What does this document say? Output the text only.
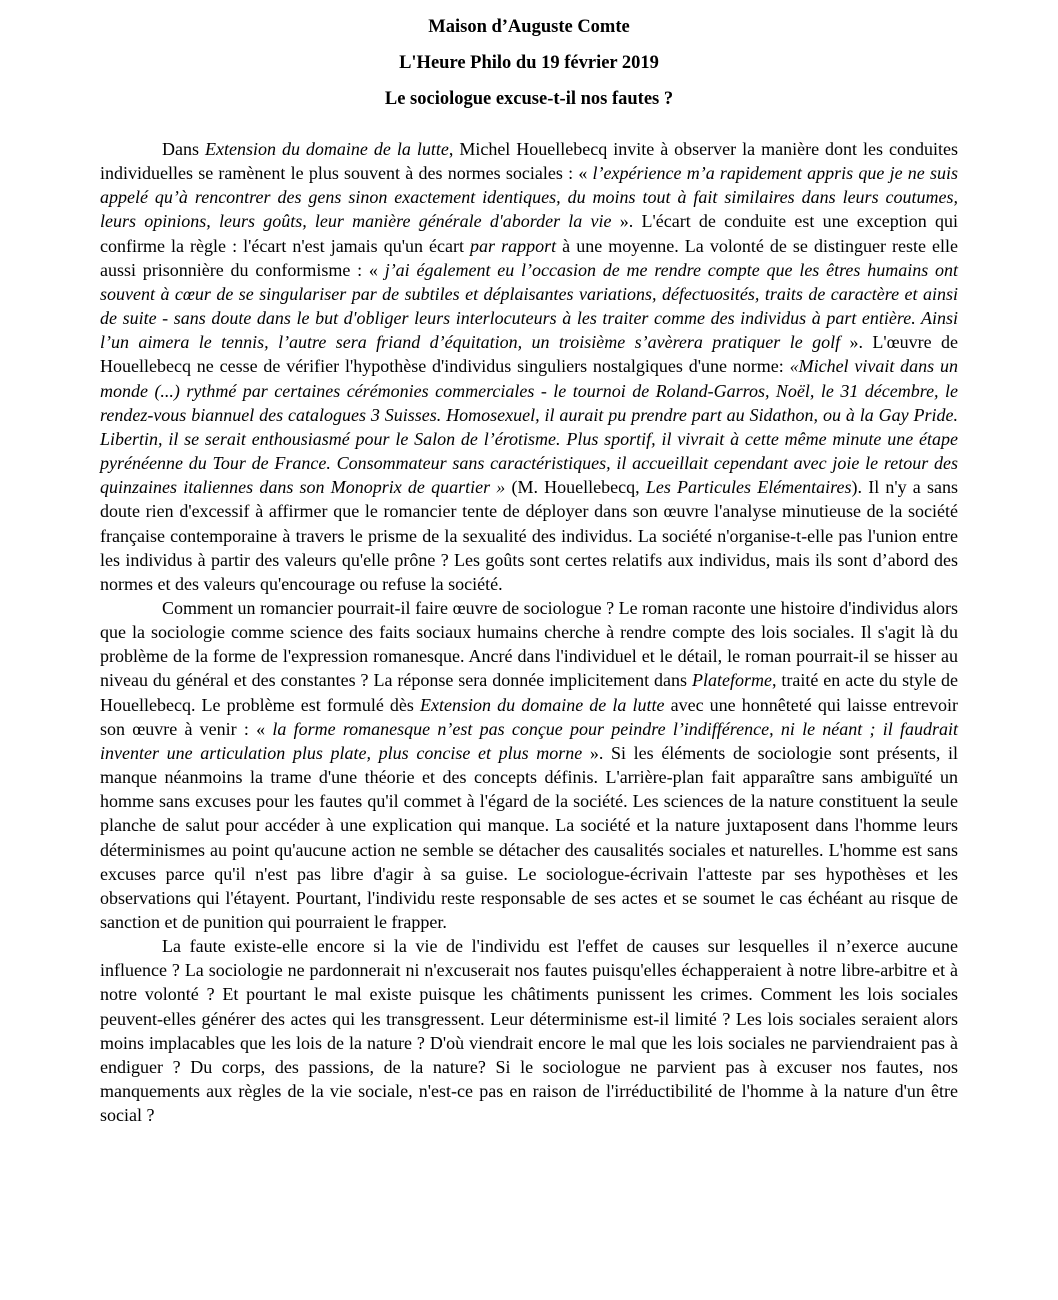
Maison d’Auguste Comte

L'Heure Philo du 19 février 2019

Le sociologue excuse-t-il nos fautes ?

Dans Extension du domaine de la lutte, Michel Houellebecq invite à observer la manière dont les conduites individuelles se ramènent le plus souvent à des normes sociales : « l’expérience m’a rapidement appris que je ne suis appelé qu’à rencontrer des gens sinon exactement identiques, du moins tout à fait similaires dans leurs coutumes, leurs opinions, leurs goûts, leur manière générale d'aborder la vie ». L'écart de conduite est une exception qui confirme la règle : l'écart n'est jamais qu'un écart par rapport à une moyenne. La volonté de se distinguer reste elle aussi prisonnière du conformisme : « j’ai également eu l’occasion de me rendre compte que les êtres humains ont souvent à cœur de se singulariser par de subtiles et déplaisantes variations, défectuosités, traits de caractère et ainsi de suite - sans doute dans le but d'obliger leurs interlocuteurs à les traiter comme des individus à part entière. Ainsi l’un aimera le tennis, l’autre sera friand d’équitation, un troisième s’avèrera pratiquer le golf ». L'œuvre de Houellebecq ne cesse de vérifier l'hypothèse d'individus singuliers nostalgiques d'une norme: «Michel vivait dans un monde (...) rythmé par certaines cérémonies commerciales - le tournoi de Roland-Garros, Noël, le 31 décembre, le rendez-vous biannuel des catalogues 3 Suisses. Homosexuel, il aurait pu prendre part au Sidathon, ou à la Gay Pride. Libertin, il se serait enthousiasmé pour le Salon de l’érotisme. Plus sportif, il vivrait à cette même minute une étape pyrénéenne du Tour de France. Consommateur sans caractéristiques, il accueillait cependant avec joie le retour des quinzaines italiennes dans son Monoprix de quartier » (M. Houellebecq, Les Particules Elémentaires). Il n'y a sans doute rien d'excessif à affirmer que le romancier tente de déployer dans son œuvre l'analyse minutieuse de la société française contemporaine à travers le prisme de la sexualité des individus. La société n'organise-t-elle pas l'union entre les individus à partir des valeurs qu'elle prône ? Les goûts sont certes relatifs aux individus, mais ils sont d’abord des normes et des valeurs qu'encourage ou refuse la société.

Comment un romancier pourrait-il faire œuvre de sociologue ? Le roman raconte une histoire d'individus alors que la sociologie comme science des faits sociaux humains cherche à rendre compte des lois sociales. Il s'agit là du problème de la forme de l'expression romanesque. Ancré dans l'individuel et le détail, le roman pourrait-il se hisser au niveau du général et des constantes ? La réponse sera donnée implicitement dans Plateforme, traité en acte du style de Houellebecq. Le problème est formulé dès Extension du domaine de la lutte avec une honnêteté qui laisse entrevoir son œuvre à venir : « la forme romanesque n’est pas conçue pour peindre l’indifférence, ni le néant ; il faudrait inventer une articulation plus plate, plus concise et plus morne ». Si les éléments de sociologie sont présents, il manque néanmoins la trame d'une théorie et des concepts définis. L'arrière-plan fait apparaître sans ambiguïté un homme sans excuses pour les fautes qu'il commet à l'égard de la société. Les sciences de la nature constituent la seule planche de salut pour accéder à une explication qui manque. La société et la nature juxtaposent dans l'homme leurs déterminismes au point qu'aucune action ne semble se détacher des causalités sociales et naturelles. L'homme est sans excuses parce qu'il n'est pas libre d'agir à sa guise. Le sociologue-écrivain l'atteste par ses hypothèses et les observations qui l'étayent. Pourtant, l'individu reste responsable de ses actes et se soumet le cas échéant au risque de sanction et de punition qui pourraient le frapper.

La faute existe-elle encore si la vie de l'individu est l'effet de causes sur lesquelles il n’exerce aucune influence ? La sociologie ne pardonnerait ni n'excuserait nos fautes puisqu'elles échapperaient à notre libre-arbitre et à notre volonté ? Et pourtant le mal existe puisque les châtiments punissent les crimes. Comment les lois sociales peuvent-elles générer des actes qui les transgressent. Leur déterminisme est-il limité ? Les lois sociales seraient alors moins implacables que les lois de la nature ? D'où viendrait encore le mal que les lois sociales ne parviendraient pas à endiguer ? Du corps, des passions, de la nature? Si le sociologue ne parvient pas à excuser nos fautes, nos manquements aux règles de la vie sociale, n'est-ce pas en raison de l'irréductibilité de l'homme à la nature d'un être social ?
